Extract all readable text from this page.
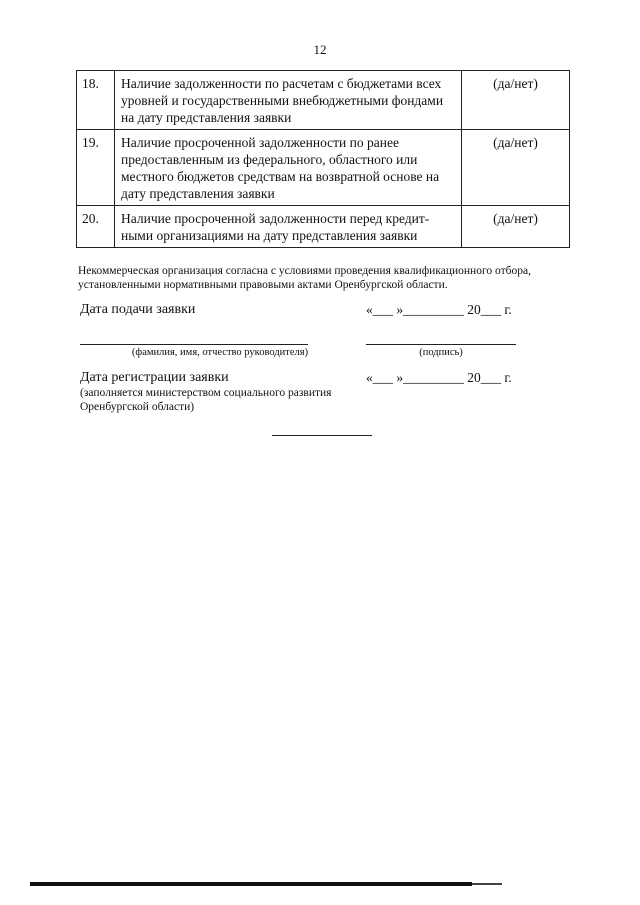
12
18.	Наличие задолженности по расчетам с бюджетами всех уровней и государственными внебюджетными фондами на дату представления заявки	(да/нет)
19.	Наличие просроченной задолженности по ранее предоставленным из федерального, областного или местного бюджетов средствам на возвратной основе на дату представления заявки	(да/нет)
20.	Наличие просроченной задолженности перед кредит-ными организациями на дату представления заявки	(да/нет)
Некоммерческая организация согласна с условиями проведения квалификационного отбора, установленными нормативными правовыми актами Оренбургской области.
Дата подачи заявки	«___ »_________ 20___ г.
(фамилия, имя, отчество руководителя)	(подпись)
Дата регистрации заявки	«___ »_________ 20___ г.
(заполняется министерством социального развития Оренбургской области)
